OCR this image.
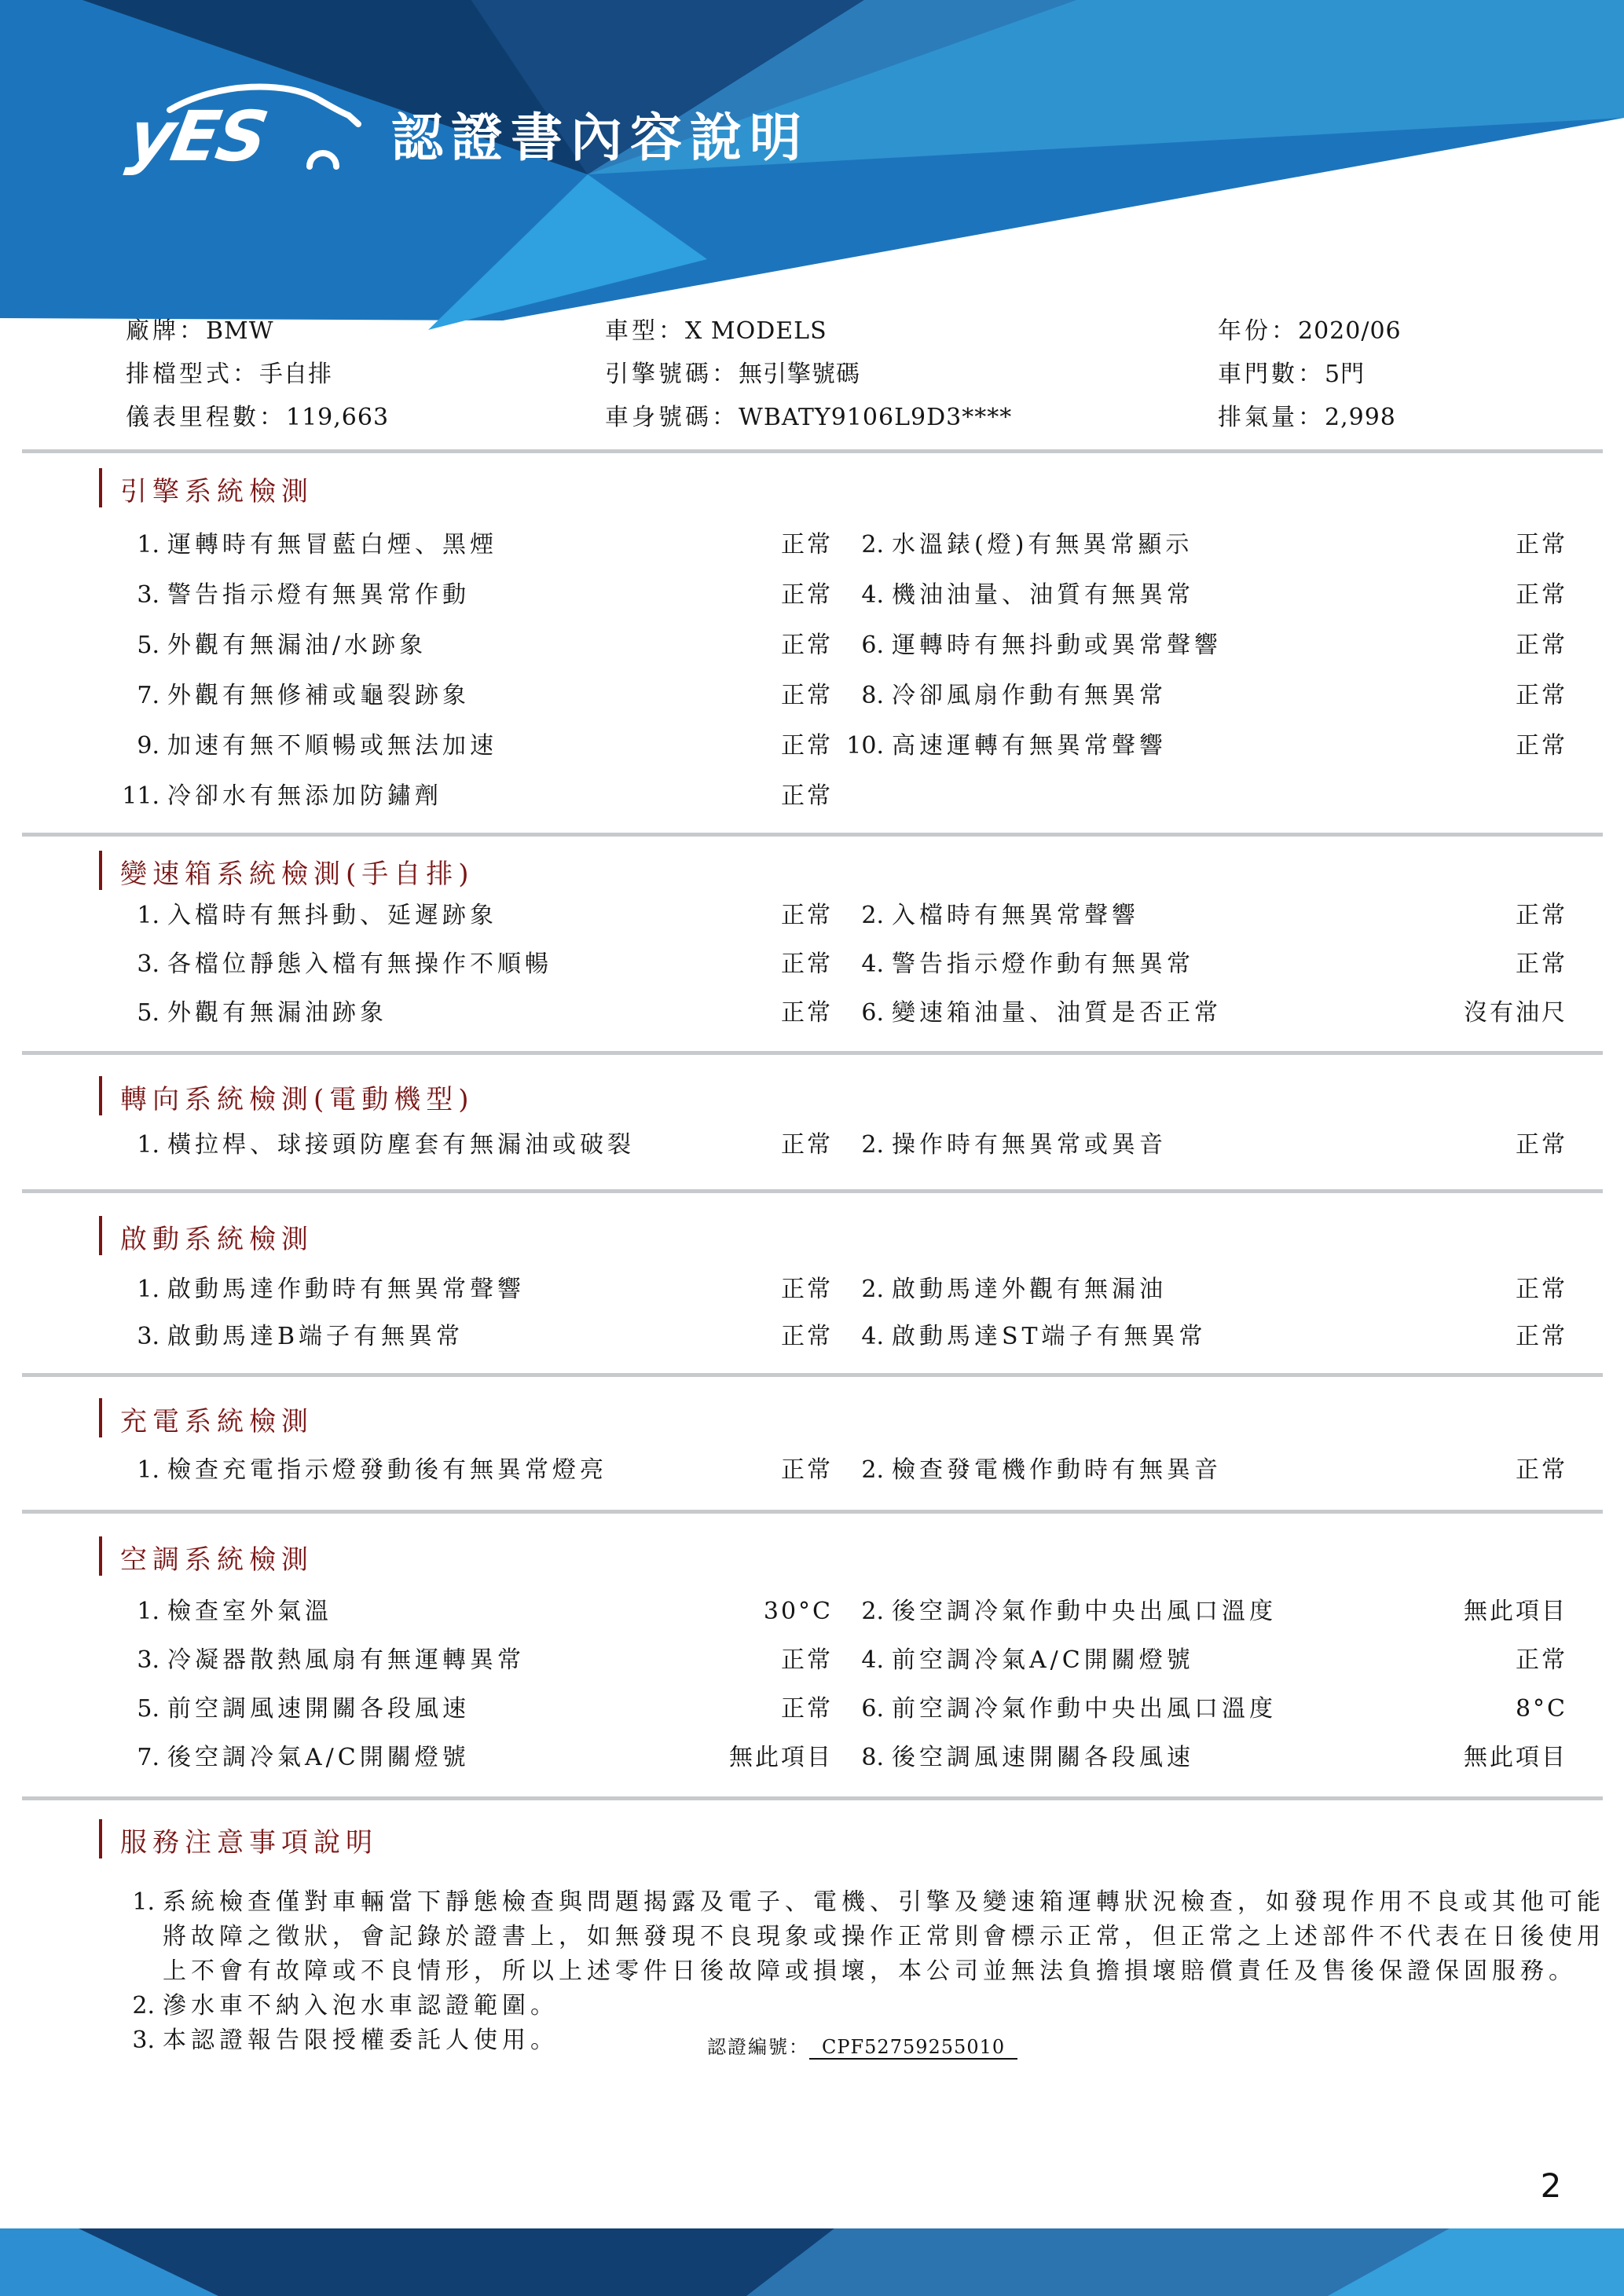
yES 認證書內容說明
廠牌：BMW	車型：X MODELS	年份：2020/06
排檔型式：手自排	引擎號碼：無引擎號碼	車門數：5門
儀表里程數：119,663	車身號碼：WBATY9106L9D3****	排氣量：2,998
引擎系統檢測
1. 運轉時有無冒藍白煙、黑煙	正常	2. 水溫錶(燈)有無異常顯示	正常
3. 警告指示燈有無異常作動	正常	4. 機油油量、油質有無異常	正常
5. 外觀有無漏油/水跡象	正常	6. 運轉時有無抖動或異常聲響	正常
7. 外觀有無修補或龜裂跡象	正常	8. 冷卻風扇作動有無異常	正常
9. 加速有無不順暢或無法加速	正常 10. 高速運轉有無異常聲響	正常
11. 冷卻水有無添加防鏽劑	正常
變速箱系統檢測(手自排)
1. 入檔時有無抖動、延遲跡象	正常	2. 入檔時有無異常聲響	正常
3. 各檔位靜態入檔有無操作不順暢	正常	4. 警告指示燈作動有無異常	正常
5. 外觀有無漏油跡象	正常	6. 變速箱油量、油質是否正常	沒有油尺
轉向系統檢測(電動機型)
1. 橫拉桿、球接頭防塵套有無漏油或破裂	正常	2. 操作時有無異常或異音	正常
啟動系統檢測
1. 啟動馬達作動時有無異常聲響	正常	2. 啟動馬達外觀有無漏油	正常
3. 啟動馬達B端子有無異常	正常	4. 啟動馬達ST端子有無異常	正常
充電系統檢測
1. 檢查充電指示燈發動後有無異常燈亮	正常	2. 檢查發電機作動時有無異音	正常
空調系統檢測
1. 檢查室外氣溫	30°C	2. 後空調冷氣作動中央出風口溫度	無此項目
3. 冷凝器散熱風扇有無運轉異常	正常	4. 前空調冷氣A/C開關燈號	正常
5. 前空調風速開關各段風速	正常	6. 前空調冷氣作動中央出風口溫度	8°C
7. 後空調冷氣A/C開關燈號	無此項目	8. 後空調風速開關各段風速	無此項目
服務注意事項說明
1. 系統檢查僅對車輛當下靜態檢查與問題揭露及電子、電機、引擎及變速箱運轉狀況檢查，如發現作用不良或其他可能將故障之徵狀，會記錄於證書上，如無發現不良現象或操作正常則會標示正常，但正常之上述部件不代表在日後使用上不會有故障或不良情形，所以上述零件日後故障或損壞，本公司並無法負擔損壞賠償責任及售後保證保固服務。
2. 滲水車不納入泡水車認證範圍。
3. 本認證報告限授權委託人使用。	認證編號： CPF52759255010
2
